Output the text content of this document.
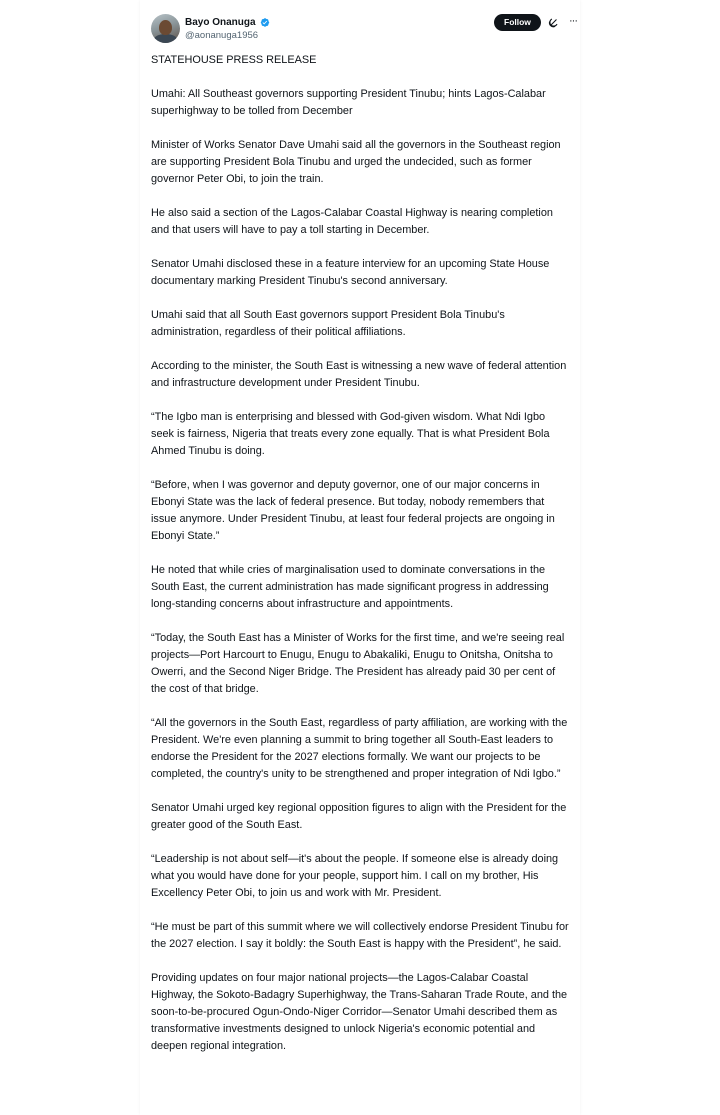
Bayo Onanuga
@aonanuga1956
Follow	···

STATEHOUSE PRESS RELEASE

Umahi: All Southeast governors supporting President Tinubu; hints Lagos-Calabar superhighway to be tolled from December

Minister of Works Senator Dave Umahi said all the governors in the Southeast region are supporting President Bola Tinubu and urged the undecided, such as former governor Peter Obi, to join the train.

He also said a section of the Lagos-Calabar Coastal Highway is nearing completion and that users will have to pay a toll starting in December.

Senator Umahi disclosed these in a feature interview for an upcoming State House documentary marking President Tinubu's second anniversary.

Umahi said that all South East governors support President Bola Tinubu's administration, regardless of their political affiliations.

According to the minister, the South East is witnessing a new wave of federal attention and infrastructure development under President Tinubu.

“The Igbo man is enterprising and blessed with God-given wisdom. What Ndi Igbo seek is fairness, Nigeria that treats every zone equally. That is what President Bola Ahmed Tinubu is doing.

“Before, when I was governor and deputy governor, one of our major concerns in Ebonyi State was the lack of federal presence. But today, nobody remembers that issue anymore. Under President Tinubu, at least four federal projects are ongoing in Ebonyi State.”

He noted that while cries of marginalisation used to dominate conversations in the South East, the current administration has made significant progress in addressing long-standing concerns about infrastructure and appointments.

“Today, the South East has a Minister of Works for the first time, and we're seeing real projects—Port Harcourt to Enugu, Enugu to Abakaliki, Enugu to Onitsha, Onitsha to Owerri, and the Second Niger Bridge. The President has already paid 30 per cent of the cost of that bridge.

“All the governors in the South East, regardless of party affiliation, are working with the President. We're even planning a summit to bring together all South-East leaders to endorse the President for the 2027 elections formally. We want our projects to be completed, the country's unity to be strengthened and proper integration of Ndi Igbo.”

Senator Umahi urged key regional opposition figures to align with the President for the greater good of the South East.

“Leadership is not about self—it's about the people. If someone else is already doing what you would have done for your people, support him. I call on my brother, His Excellency Peter Obi, to join us and work with Mr. President.

“He must be part of this summit where we will collectively endorse President Tinubu for the 2027 election. I say it boldly: the South East is happy with the President”, he said.

Providing updates on four major national projects—the Lagos-Calabar Coastal Highway, the Sokoto-Badagry Superhighway, the Trans-Saharan Trade Route, and the soon-to-be-procured Ogun-Ondo-Niger Corridor—Senator Umahi described them as transformative investments designed to unlock Nigeria's economic potential and deepen regional integration.
